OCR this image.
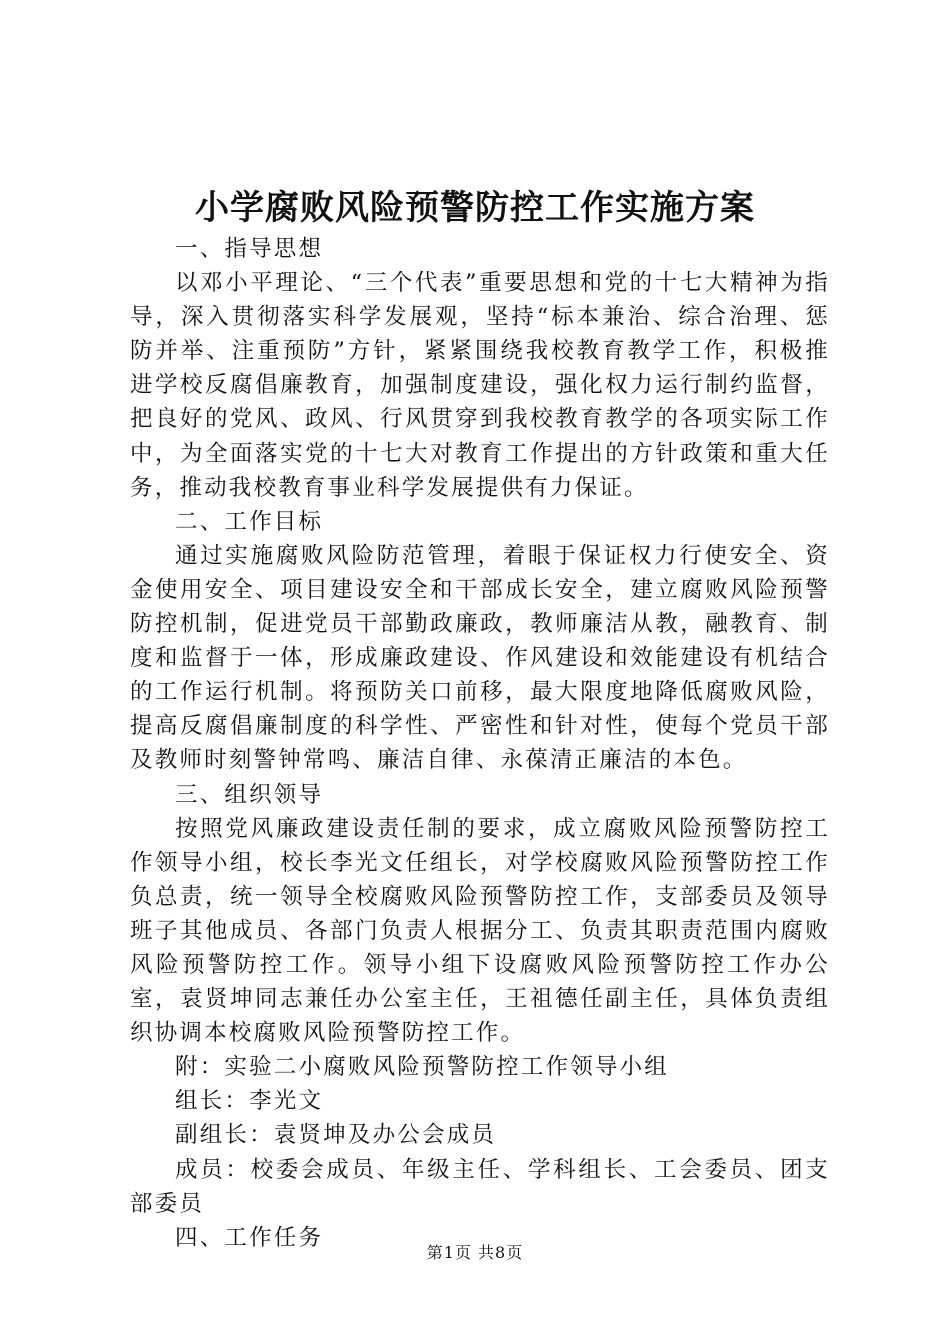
小学腐败风险预警防控工作实施方案

一、指导思想

以邓小平理论、“三个代表”重要思想和党的十七大精神为指导，深入贯彻落实科学发展观，坚持“标本兼治、综合治理、惩防并举、注重预防”方针，紧紧围绕我校教育教学工作，积极推进学校反腐倡廉教育，加强制度建设，强化权力运行制约监督，把良好的党风、政风、行风贯穿到我校教育教学的各项实际工作中，为全面落实党的十七大对教育工作提出的方针政策和重大任务，推动我校教育事业科学发展提供有力保证。

二、工作目标

通过实施腐败风险防范管理，着眼于保证权力行使安全、资金使用安全、项目建设安全和干部成长安全，建立腐败风险预警防控机制，促进党员干部勤政廉政，教师廉洁从教，融教育、制度和监督于一体，形成廉政建设、作风建设和效能建设有机结合的工作运行机制。将预防关口前移，最大限度地降低腐败风险，提高反腐倡廉制度的科学性、严密性和针对性，使每个党员干部及教师时刻警钟常鸣、廉洁自律、永葆清正廉洁的本色。

三、组织领导

按照党风廉政建设责任制的要求，成立腐败风险预警防控工作领导小组，校长李光文任组长，对学校腐败风险预警防控工作负总责，统一领导全校腐败风险预警防控工作，支部委员及领导班子其他成员、各部门负责人根据分工、负责其职责范围内腐败风险预警防控工作。领导小组下设腐败风险预警防控工作办公室，袁贤坤同志兼任办公室主任，王祖德任副主任，具体负责组织协调本校腐败风险预警防控工作。

附：实验二小腐败风险预警防控工作领导小组

组长：李光文

副组长：袁贤坤及办公会成员

成员：校委会成员、年级主任、学科组长、工会委员、团支部委员

四、工作任务

第1页 共8页
